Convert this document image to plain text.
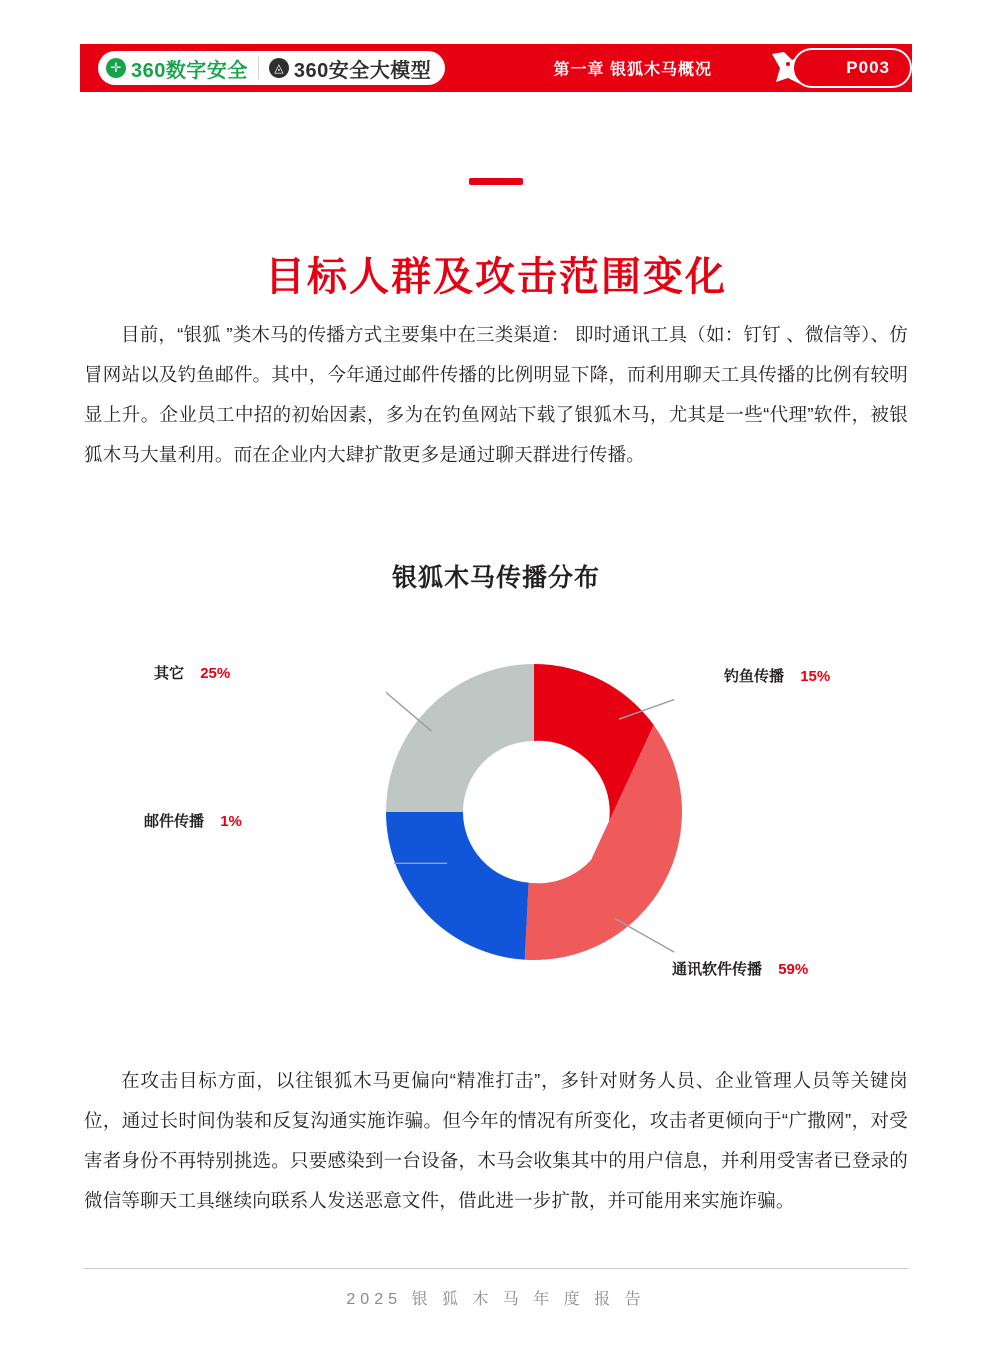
✛ 360数字安全	◬ 360安全大模型	第一章 银狐木马概况	P003
目标人群及攻击范围变化

目前，“银狐 ”类木马的传播方式主要集中在三类渠道： 即时通讯工具（如：钉钉 、微信等）、仿冒网站以及钓鱼邮件。其中，今年通过邮件传播的比例明显下降，而利用聊天工具传播的比例有较明显上升。企业员工中招的初始因素，多为在钓鱼网站下载了银狐木马，尤其是一些“代理”软件，被银狐木马大量利用。而在企业内大肆扩散更多是通过聊天群进行传播。

银狐木马传播分布
其它 25%
邮件传播 1%
钓鱼传播 15%
通讯软件传播 59%

在攻击目标方面，以往银狐木马更偏向“精准打击”，多针对财务人员、企业管理人员等关键岗位，通过长时间伪装和反复沟通实施诈骗。但今年的情况有所变化，攻击者更倾向于“广撒网”，对受害者身份不再特别挑选。只要感染到一台设备，木马会收集其中的用户信息，并利用受害者已登录的微信等聊天工具继续向联系人发送恶意文件，借此进一步扩散，并可能用来实施诈骗。

2025 银 狐 木 马 年 度 报 告
